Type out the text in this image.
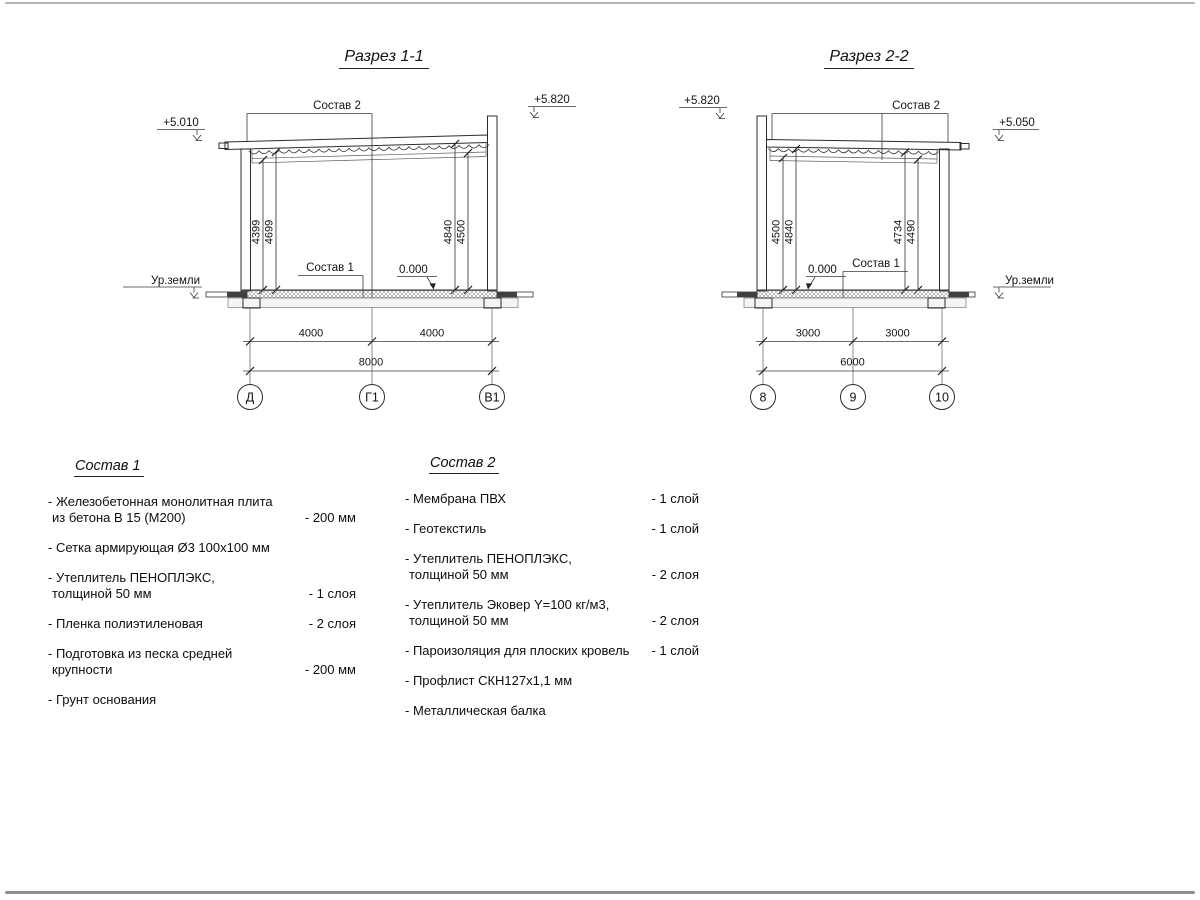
Разрез 1-1	Разрез 2-2
Состав 2
4399 4699	4840 4500
Состав 1	0.000
Ур.земли
+5.010
+5.820
4000	4000
8000
Д	Г1	В1
Состав 2
4500 4840	4734 4490
Состав 1
0.000
Ур.земли
+5.820
+5.050
3000	3000
6000
8	9	10
Состав 1
- Железобетонная монолитная плита
из бетона В 15 (М200)	- 200 мм
- Сетка армирующая Ø3 100х100 мм
- Утеплитель ПЕНОПЛЭКС,
толщиной 50 мм	- 1 слоя
- Пленка полиэтиленовая	- 2 слоя
- Подготовка из песка средней
крупности	- 200 мм
- Грунт основания
Состав 2
- Мембрана ПВХ	- 1 слой
- Геотекстиль	- 1 слой
- Утеплитель ПЕНОПЛЭКС,
толщиной 50 мм	- 2 слоя
- Утеплитель Эковер Y=100 кг/м3,
толщиной 50 мм	- 2 слоя
- Пароизоляция для плоских кровель	- 1 слой
- Профлист СКН127х1,1 мм
- Металлическая балка
